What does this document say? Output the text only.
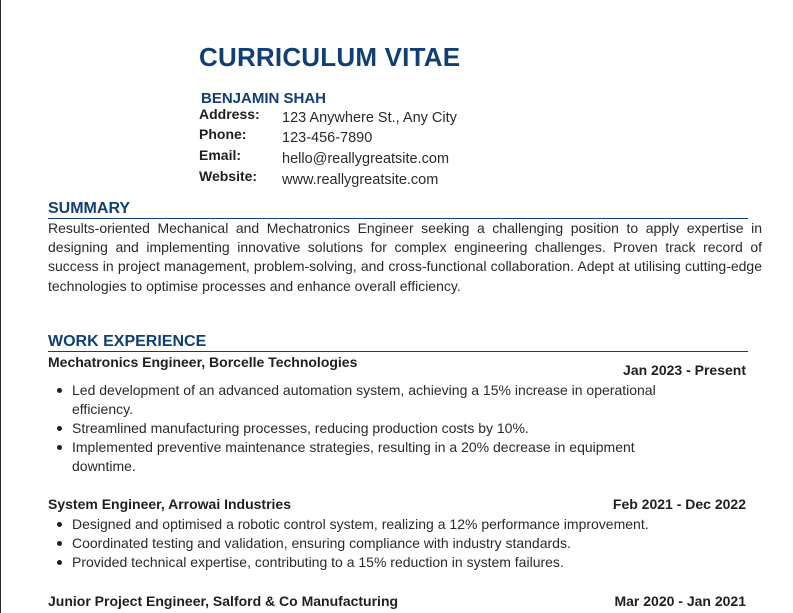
CURRICULUM VITAE
BENJAMIN SHAH
Address: 123 Anywhere St., Any City
Phone: 123-456-7890
Email:	hello@reallygreatsite.com
Website: www.reallygreatsite.com
SUMMARY
Results-oriented Mechanical and Mechatronics Engineer seeking a challenging position to apply expertise in designing and implementing innovative solutions for complex engineering challenges. Proven track record of success in project management, problem-solving, and cross-functional collaboration. Adept at utilising cutting-edge technologies to optimise processes and enhance overall efficiency.
WORK EXPERIENCE
Mechatronics Engineer, Borcelle Technologies	Jan 2023 - Present
Led development of an advanced automation system, achieving a 15% increase in operational efficiency.
Streamlined manufacturing processes, reducing production costs by 10%.
Implemented preventive maintenance strategies, resulting in a 20% decrease in equipment downtime.
System Engineer, Arrowai Industries	Feb 2021 - Dec 2022
Designed and optimised a robotic control system, realizing a 12% performance improvement.
Coordinated testing and validation, ensuring compliance with industry standards.
Provided technical expertise, contributing to a 15% reduction in system failures.
Junior Project Engineer, Salford & Co Manufacturing	Mar 2020 - Jan 2021
